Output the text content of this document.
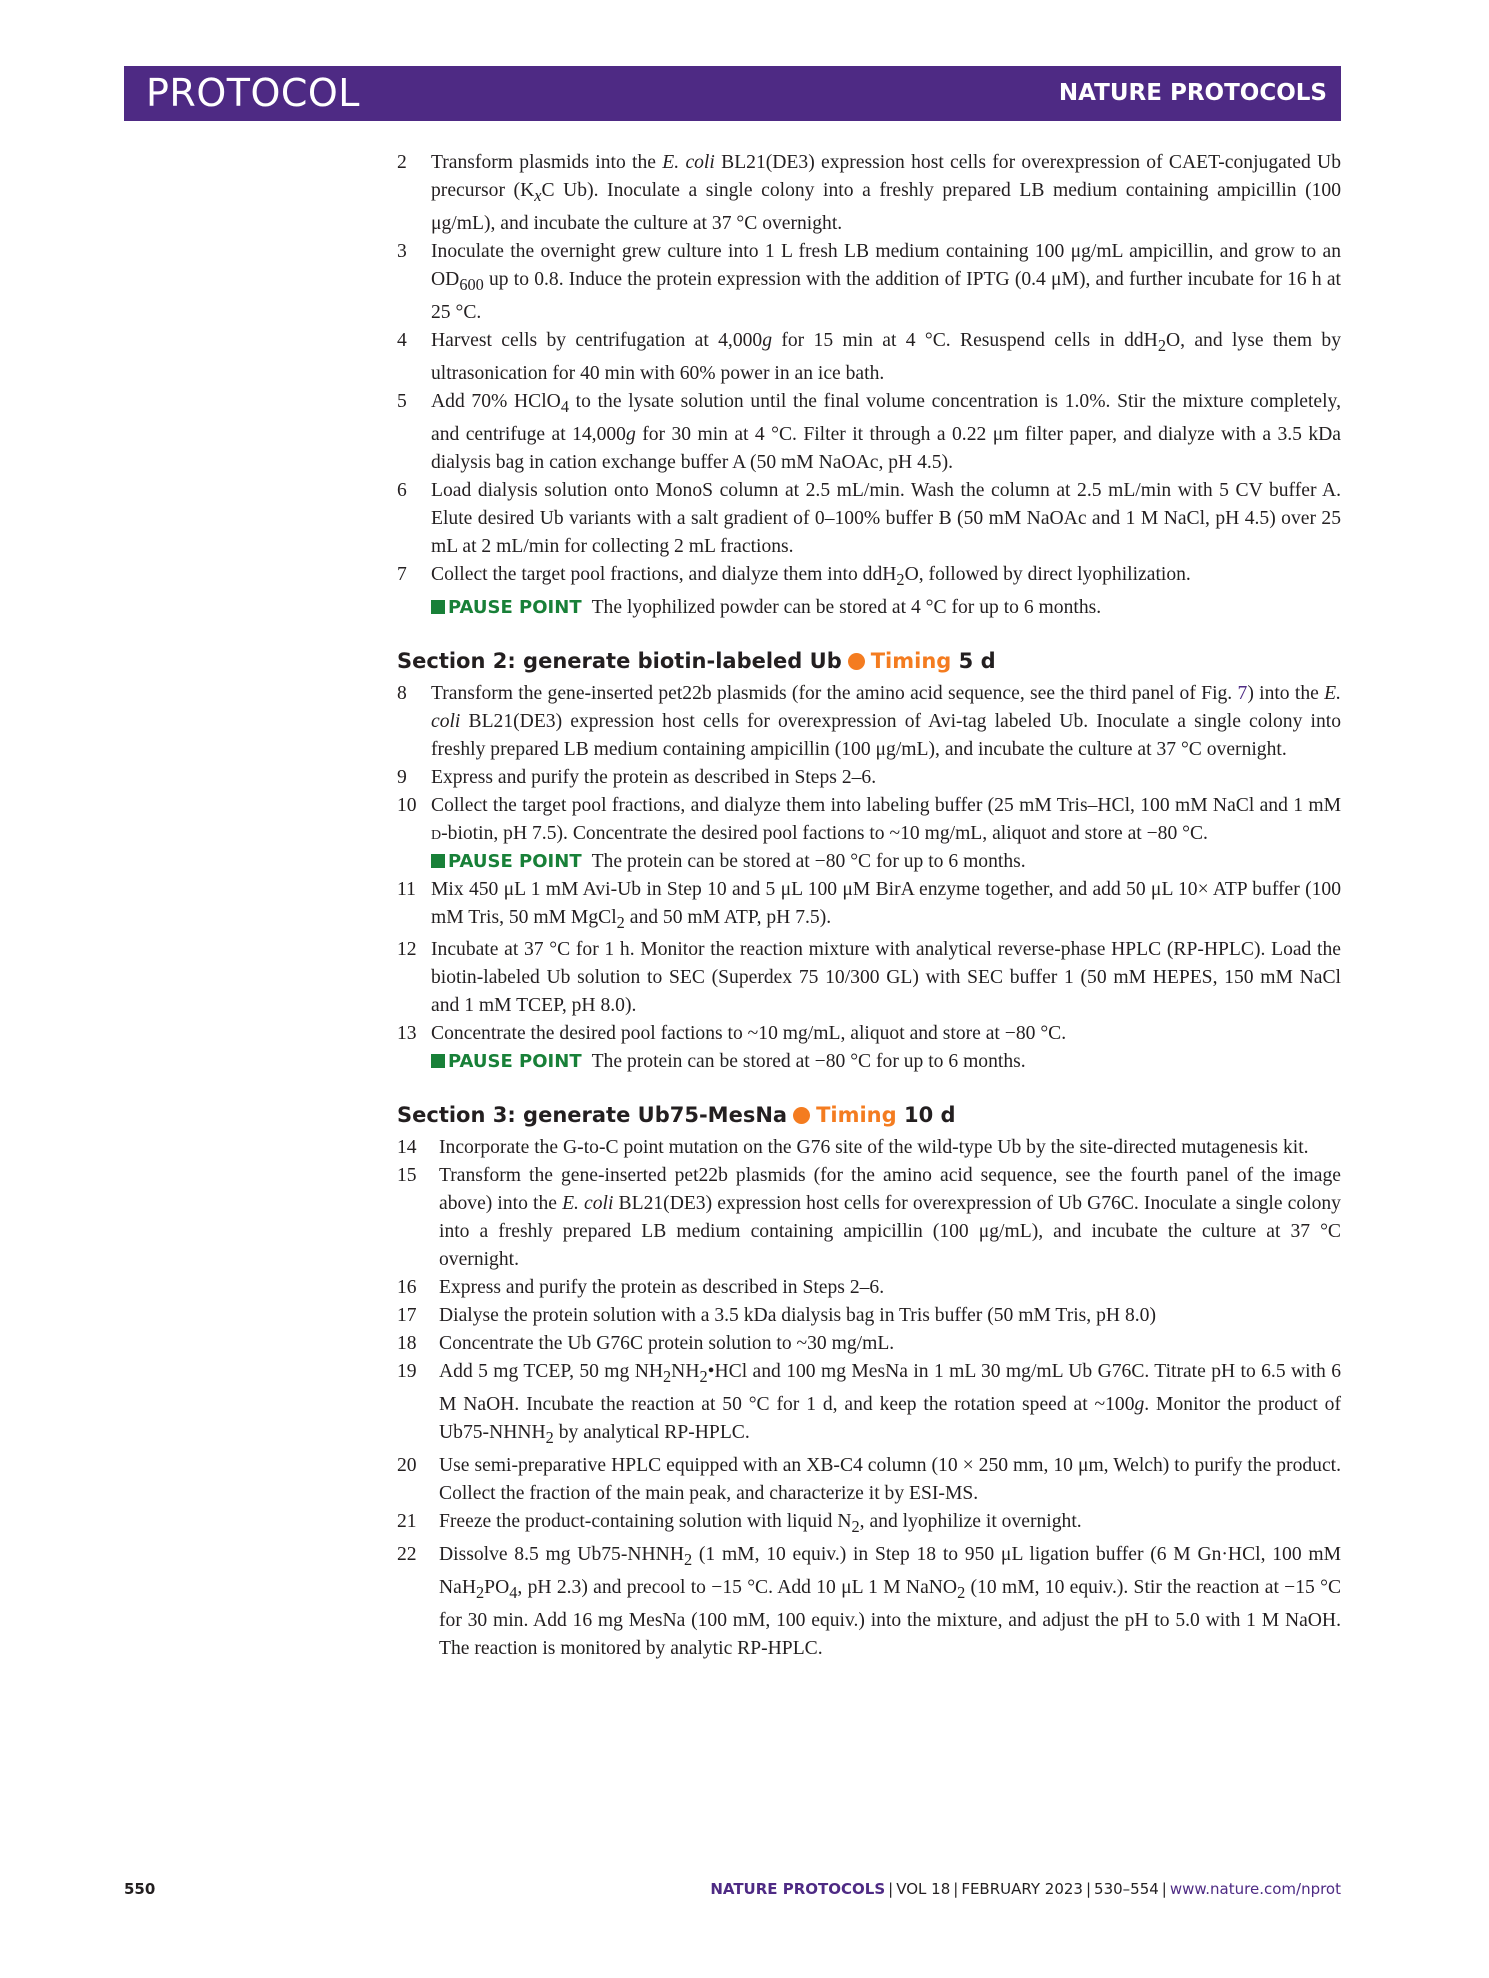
PROTOCOL	NATURE PROTOCOLS
2 Transform plasmids into the E. coli BL21(DE3) expression host cells for overexpression of CAET-conjugated Ub precursor ($K_xC$ Ub). Inoculate a single colony into a freshly prepared LB medium containing ampicillin (100 μg/mL), and incubate the culture at 37 °C overnight.
3 Inoculate the overnight grew culture into 1 L fresh LB medium containing 100 μg/mL ampicillin, and grow to an $OD_{600}$ up to 0.8. Induce the protein expression with the addition of IPTG (0.4 μM), and further incubate for 16 h at 25 °C.
4 Harvest cells by centrifugation at 4,000g for 15 min at 4 °C. Resuspend cells in ddH$_2$O, and lyse them by ultrasonication for 40 min with 60% power in an ice bath.
5 Add 70% HClO$_4$ to the lysate solution until the final volume concentration is 1.0%. Stir the mixture completely, and centrifuge at 14,000g for 30 min at 4 °C. Filter it through a 0.22 μm filter paper, and dialyze with a 3.5 kDa dialysis bag in cation exchange buffer A (50 mM NaOAc, pH 4.5).
6 Load dialysis solution onto MonoS column at 2.5 mL/min. Wash the column at 2.5 mL/min with 5 CV buffer A. Elute desired Ub variants with a salt gradient of 0–100% buffer B (50 mM NaOAc and 1 M NaCl, pH 4.5) over 25 mL at 2 mL/min for collecting 2 mL fractions.
7 Collect the target pool fractions, and dialyze them into ddH$_2$O, followed by direct lyophilization.
PAUSE POINT The lyophilized powder can be stored at 4 °C for up to 6 months.
Section 2: generate biotin-labeled Ub Timing 5 d
8 Transform the gene-inserted pet22b plasmids (for the amino acid sequence, see the third panel of Fig. 7) into the E. coli BL21(DE3) expression host cells for overexpression of Avi-tag labeled Ub. Inoculate a single colony into freshly prepared LB medium containing ampicillin (100 μg/mL), and incubate the culture at 37 °C overnight.
9 Express and purify the protein as described in Steps 2–6.
10 Collect the target pool fractions, and dialyze them into labeling buffer (25 mM Tris–HCl, 100 mM NaCl and 1 mM d-biotin, pH 7.5). Concentrate the desired pool factions to ~10 mg/mL, aliquot and store at −80 °C.
PAUSE POINT The protein can be stored at −80 °C for up to 6 months.
11 Mix 450 μL 1 mM Avi-Ub in Step 10 and 5 μL 100 μM BirA enzyme together, and add 50 μL 10× ATP buffer (100 mM Tris, 50 mM MgCl$_2$ and 50 mM ATP, pH 7.5).
12 Incubate at 37 °C for 1 h. Monitor the reaction mixture with analytical reverse-phase HPLC (RP-HPLC). Load the biotin-labeled Ub solution to SEC (Superdex 75 10/300 GL) with SEC buffer 1 (50 mM HEPES, 150 mM NaCl and 1 mM TCEP, pH 8.0).
13 Concentrate the desired pool factions to ~10 mg/mL, aliquot and store at −80 °C.
PAUSE POINT The protein can be stored at −80 °C for up to 6 months.
Section 3: generate Ub75-MesNa Timing 10 d
14 Incorporate the G-to-C point mutation on the G76 site of the wild-type Ub by the site-directed mutagenesis kit.
15 Transform the gene-inserted pet22b plasmids (for the amino acid sequence, see the fourth panel of the image above) into the E. coli BL21(DE3) expression host cells for overexpression of Ub G76C. Inoculate a single colony into a freshly prepared LB medium containing ampicillin (100 μg/mL), and incubate the culture at 37 °C overnight.
16 Express and purify the protein as described in Steps 2–6.
17 Dialyse the protein solution with a 3.5 kDa dialysis bag in Tris buffer (50 mM Tris, pH 8.0)
18 Concentrate the Ub G76C protein solution to ~30 mg/mL.
19 Add 5 mg TCEP, 50 mg $NH_2NH_2•HCl$ and 100 mg MesNa in 1 mL 30 mg/mL Ub G76C. Titrate pH to 6.5 with 6 M NaOH. Incubate the reaction at 50 °C for 1 d, and keep the rotation speed at ~100g. Monitor the product of $Ub75-NHNH_2$ by analytical RP-HPLC.
20 Use semi-preparative HPLC equipped with an XB-C4 column (10 × 250 mm, 10 μm, Welch) to purify the product. Collect the fraction of the main peak, and characterize it by ESI-MS.
21 Freeze the product-containing solution with liquid $N_2$, and lyophilize it overnight.
22 Dissolve 8.5 mg $Ub75-NHNH_2$ (1 mM, 10 equiv.) in Step 18 to 950 μL ligation buffer (6 M Gn·HCl, 100 mM $NaH_2PO_4$, pH 2.3) and precool to −15 °C. Add 10 μL 1 M NaNO$_2$ (10 mM, 10 equiv.). Stir the reaction at −15 °C for 30 min. Add 16 mg MesNa (100 mM, 100 equiv.) into the mixture, and adjust the pH to 5.0 with 1 M NaOH. The reaction is monitored by analytic RP-HPLC.
550	NATURE PROTOCOLS | VOL 18 | FEBRUARY 2023 | 530–554 | www.nature.com/nprot
